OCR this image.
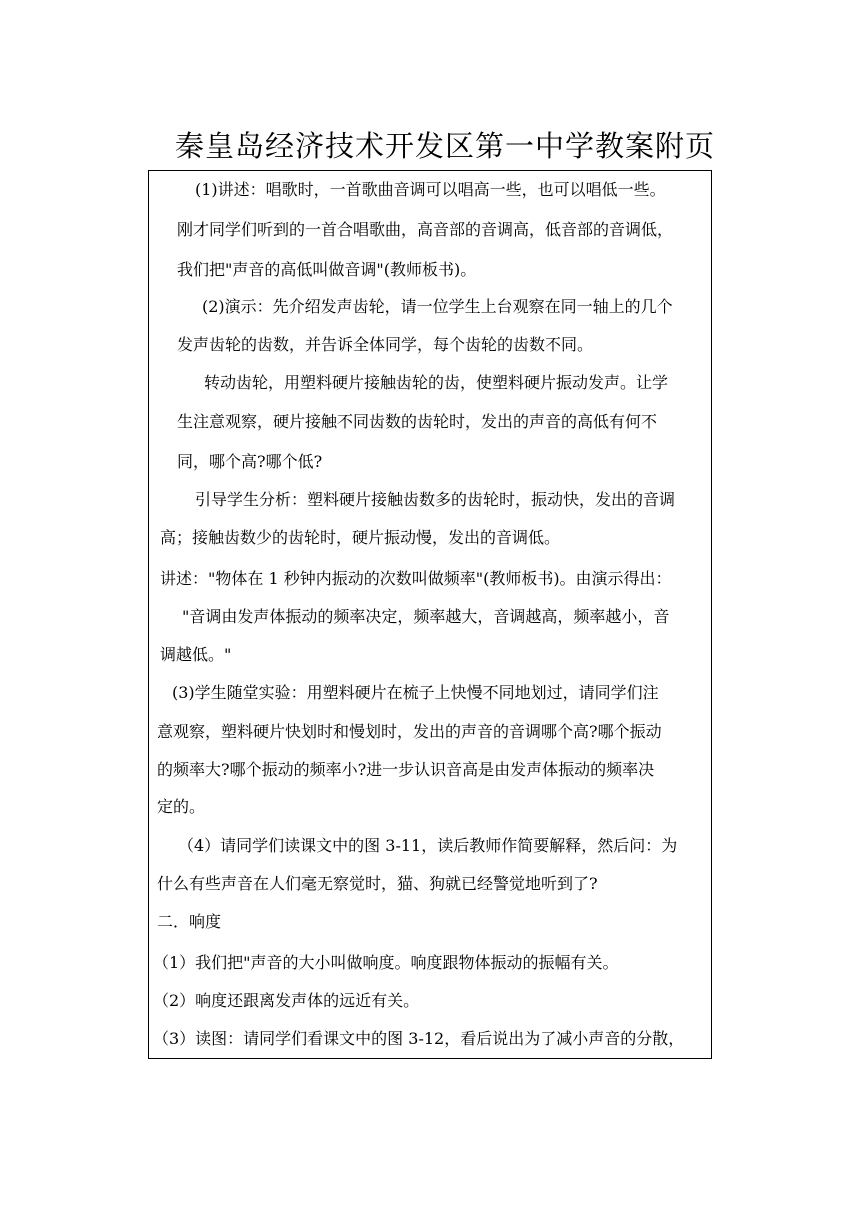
秦皇岛经济技术开发区第一中学教案附页
(1)讲述：唱歌时，一首歌曲音调可以唱高一些，也可以唱低一些。
刚才同学们听到的一首合唱歌曲，高音部的音调高，低音部的音调低，
我们把"声音的高低叫做音调"(教师板书)。
(2)演示：先介绍发声齿轮，请一位学生上台观察在同一轴上的几个
发声齿轮的齿数，并告诉全体同学，每个齿轮的齿数不同。
转动齿轮，用塑料硬片接触齿轮的齿，使塑料硬片振动发声。让学
生注意观察，硬片接触不同齿数的齿轮时，发出的声音的高低有何不
同，哪个高?哪个低?
引导学生分析：塑料硬片接触齿数多的齿轮时，振动快，发出的音调
高；接触齿数少的齿轮时，硬片振动慢，发出的音调低。
讲述："物体在 1 秒钟内振动的次数叫做频率"(教师板书)。由演示得出：
"音调由发声体振动的频率决定，频率越大，音调越高，频率越小，音
调越低。"
(3)学生随堂实验：用塑料硬片在梳子上快慢不同地划过，请同学们注
意观察，塑料硬片快划时和慢划时，发出的声音的音调哪个高?哪个振动
的频率大?哪个振动的频率小?进一步认识音高是由发声体振动的频率决
定的。
（4）请同学们读课文中的图 3-11，读后教师作简要解释，然后问：为
什么有些声音在人们毫无察觉时，猫、狗就已经警觉地听到了?
二．响度
（1）我们把"声音的大小叫做响度。响度跟物体振动的振幅有关。
（2）响度还跟离发声体的远近有关。
（3）读图：请同学们看课文中的图 3-12，看后说出为了减小声音的分散，
